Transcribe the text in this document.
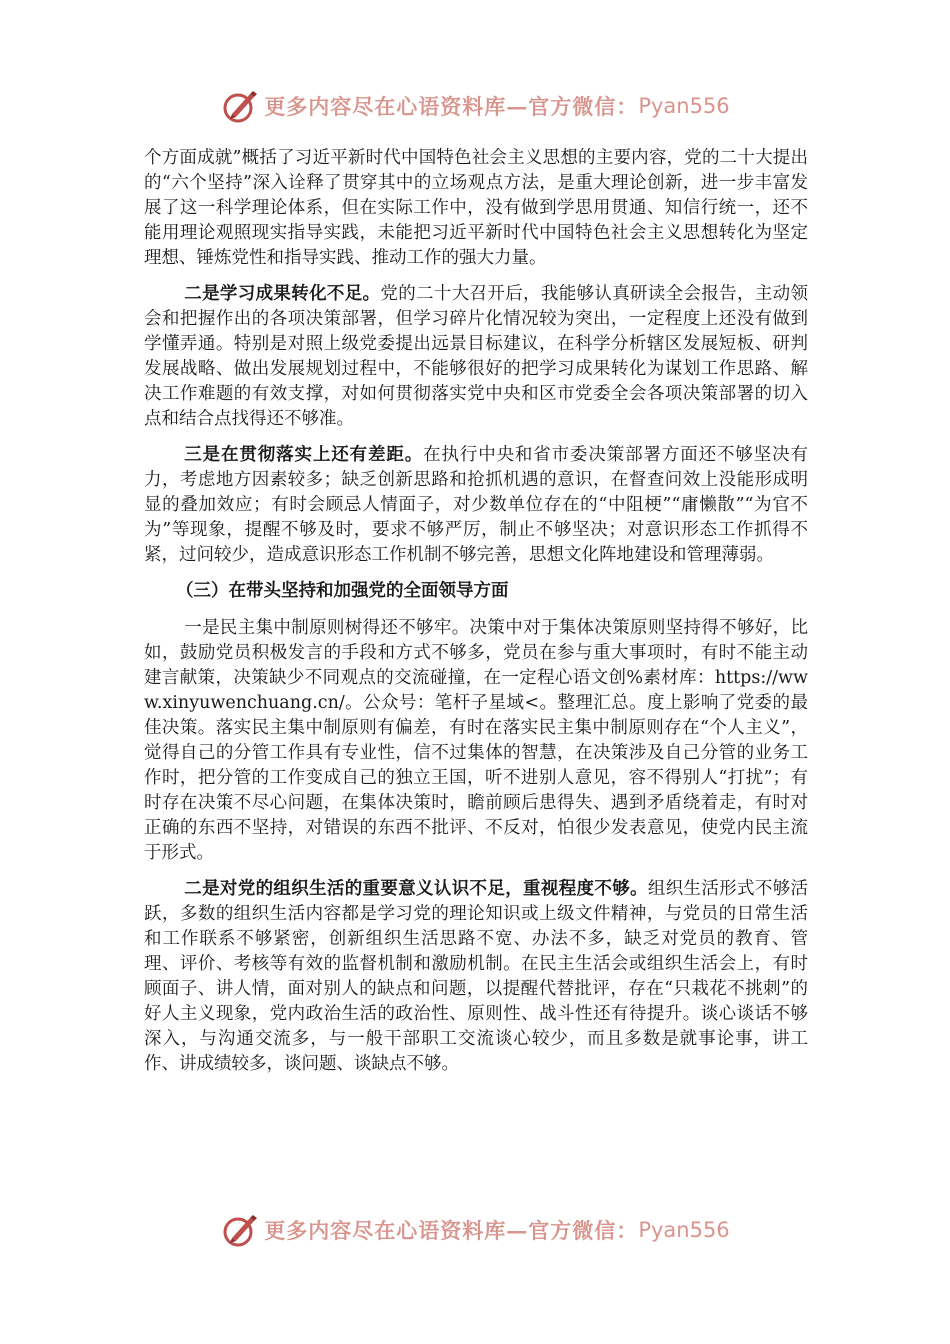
更多内容尽在心语资料库—官方微信： Pyan556

个方面成就”概括了习近平新时代中国特色社会主义思想的主要内容，党的二十大提出的“六个坚持”深入诠释了贯穿其中的立场观点方法，是重大理论创新，进一步丰富发展了这一科学理论体系，但在实际工作中，没有做到学思用贯通、知信行统一，还不能用理论观照现实指导实践，未能把习近平新时代中国特色社会主义思想转化为坚定理想、锤炼党性和指导实践、推动工作的强大力量。

二是学习成果转化不足。党的二十大召开后，我能够认真研读全会报告，主动领会和把握作出的各项决策部署，但学习碎片化情况较为突出，一定程度上还没有做到学懂弄通。特别是对照上级党委提出远景目标建议，在科学分析辖区发展短板、研判发展战略、做出发展规划过程中，不能够很好的把学习成果转化为谋划工作思路、解决工作难题的有效支撑，对如何贯彻落实党中央和区市党委全会各项决策部署的切入点和结合点找得还不够准。

三是在贯彻落实上还有差距。在执行中央和省市委决策部署方面还不够坚决有力，考虑地方因素较多；缺乏创新思路和抢抓机遇的意识，在督查问效上没能形成明显的叠加效应；有时会顾忌人情面子，对少数单位存在的“中阻梗”“庸懒散”“为官不为”等现象，提醒不够及时，要求不够严厉，制止不够坚决；对意识形态工作抓得不紧，过问较少，造成意识形态工作机制不够完善，思想文化阵地建设和管理薄弱。

（三）在带头坚持和加强党的全面领导方面

一是民主集中制原则树得还不够牢。决策中对于集体决策原则坚持得不够好，比如，鼓励党员积极发言的手段和方式不够多，党员在参与重大事项时，有时不能主动建言献策，决策缺少不同观点的交流碰撞，在一定程心语文创%素材库：https://www.xinyuwenchuang.cn/。公众号：笔杆子星域<。整理汇总。度上影响了党委的最佳决策。落实民主集中制原则有偏差，有时在落实民主集中制原则存在“个人主义”，觉得自己的分管工作具有专业性，信不过集体的智慧，在决策涉及自己分管的业务工作时，把分管的工作变成自己的独立王国，听不进别人意见，容不得别人“打扰”；有时存在决策不尽心问题，在集体决策时，瞻前顾后患得失、遇到矛盾绕着走，有时对正确的东西不坚持，对错误的东西不批评、不反对，怕很少发表意见，使党内民主流于形式。

二是对党的组织生活的重要意义认识不足，重视程度不够。组织生活形式不够活跃，多数的组织生活内容都是学习党的理论知识或上级文件精神，与党员的日常生活和工作联系不够紧密，创新组织生活思路不宽、办法不多，缺乏对党员的教育、管理、评价、考核等有效的监督机制和激励机制。在民主生活会或组织生活会上，有时顾面子、讲人情，面对别人的缺点和问题，以提醒代替批评，存在“只栽花不挑刺”的好人主义现象，党内政治生活的政治性、原则性、战斗性还有待提升。谈心谈话不够深入，与沟通交流多，与一般干部职工交流谈心较少，而且多数是就事论事，讲工作、讲成绩较多，谈问题、谈缺点不够。

更多内容尽在心语资料库—官方微信： Pyan556
